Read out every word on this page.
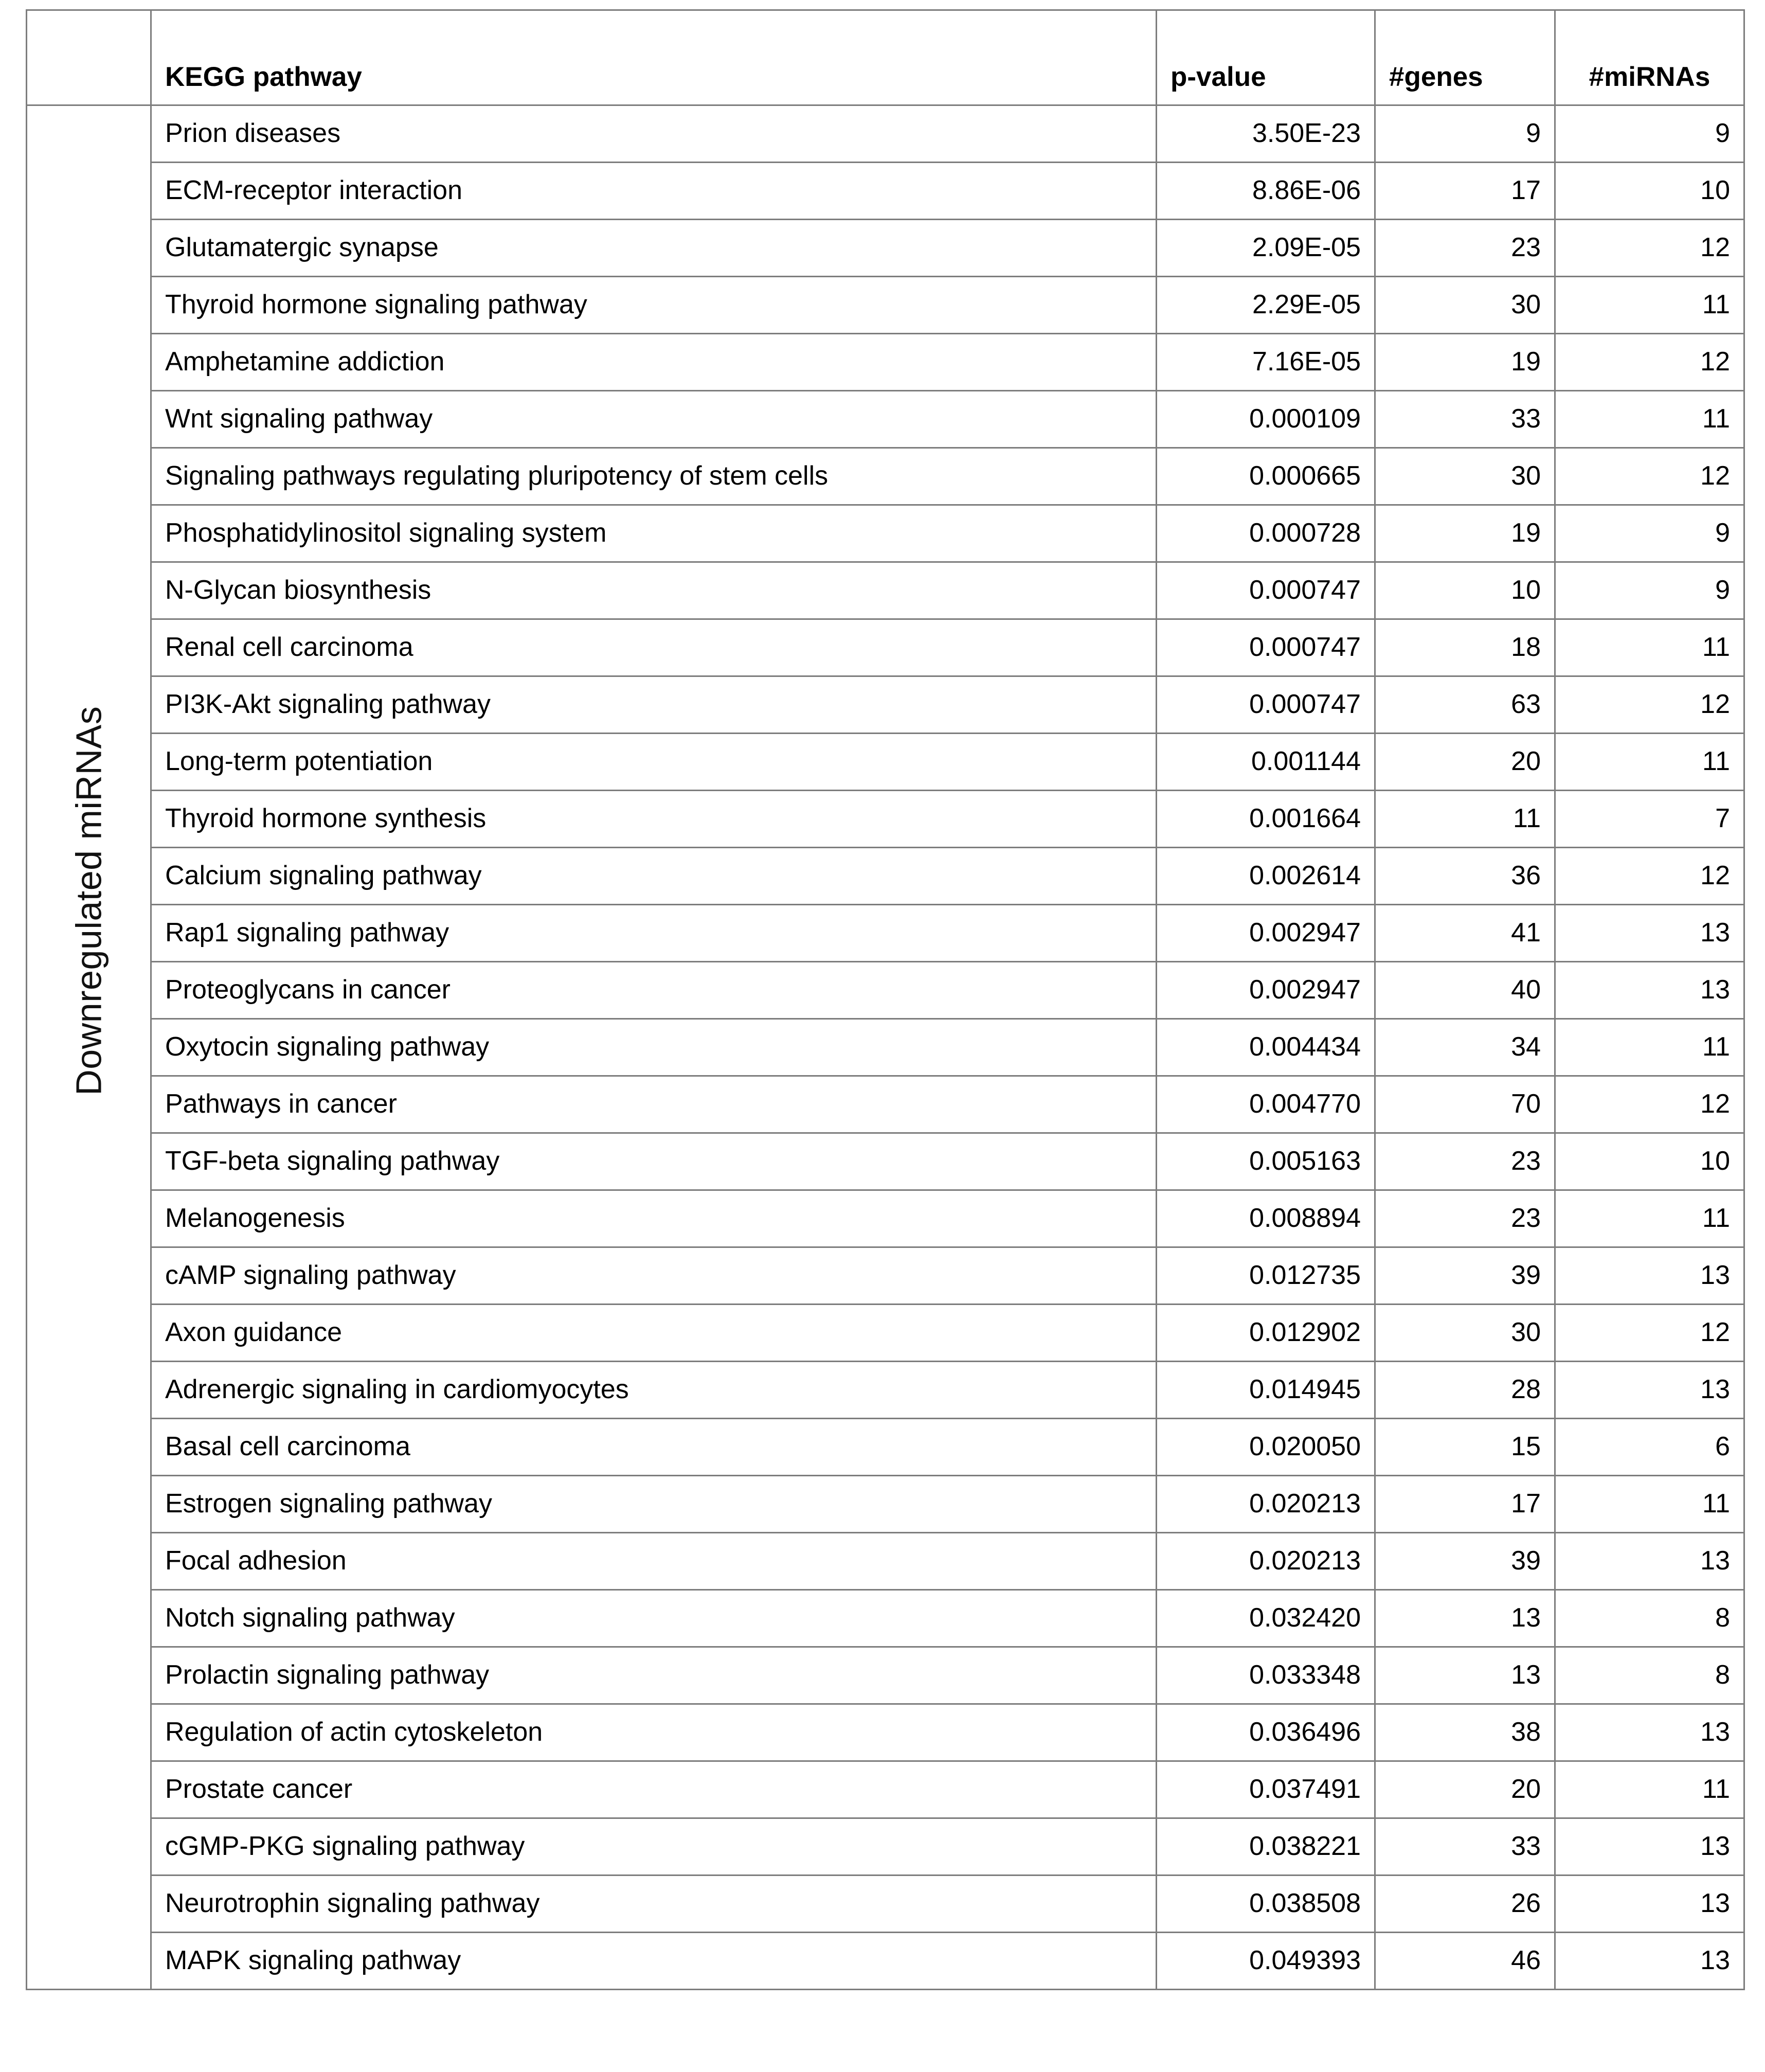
	KEGG pathway	p-value	#genes	#miRNAs

Downregulated miRNAs	Prion diseases	3.50E-23	9	9
	ECM-receptor interaction	8.86E-06	17	10
	Glutamatergic synapse	2.09E-05	23	12
	Thyroid hormone signaling pathway	2.29E-05	30	11
	Amphetamine addiction	7.16E-05	19	12
	Wnt signaling pathway	0.000109	33	11
	Signaling pathways regulating pluripotency of stem cells	0.000665	30	12
	Phosphatidylinositol signaling system	0.000728	19	9
	N-Glycan biosynthesis	0.000747	10	9
	Renal cell carcinoma	0.000747	18	11
	PI3K-Akt signaling pathway	0.000747	63	12
	Long-term potentiation	0.001144	20	11
	Thyroid hormone synthesis	0.001664	11	7
	Calcium signaling pathway	0.002614	36	12
	Rap1 signaling pathway	0.002947	41	13
	Proteoglycans in cancer	0.002947	40	13
	Oxytocin signaling pathway	0.004434	34	11
	Pathways in cancer	0.004770	70	12
	TGF-beta signaling pathway	0.005163	23	10
	Melanogenesis	0.008894	23	11
	cAMP signaling pathway	0.012735	39	13
	Axon guidance	0.012902	30	12
	Adrenergic signaling in cardiomyocytes	0.014945	28	13
	Basal cell carcinoma	0.020050	15	6
	Estrogen signaling pathway	0.020213	17	11
	Focal adhesion	0.020213	39	13
	Notch signaling pathway	0.032420	13	8
	Prolactin signaling pathway	0.033348	13	8
	Regulation of actin cytoskeleton	0.036496	38	13
	Prostate cancer	0.037491	20	11
	cGMP-PKG signaling pathway	0.038221	33	13
	Neurotrophin signaling pathway	0.038508	26	13
	MAPK signaling pathway	0.049393	46	13
